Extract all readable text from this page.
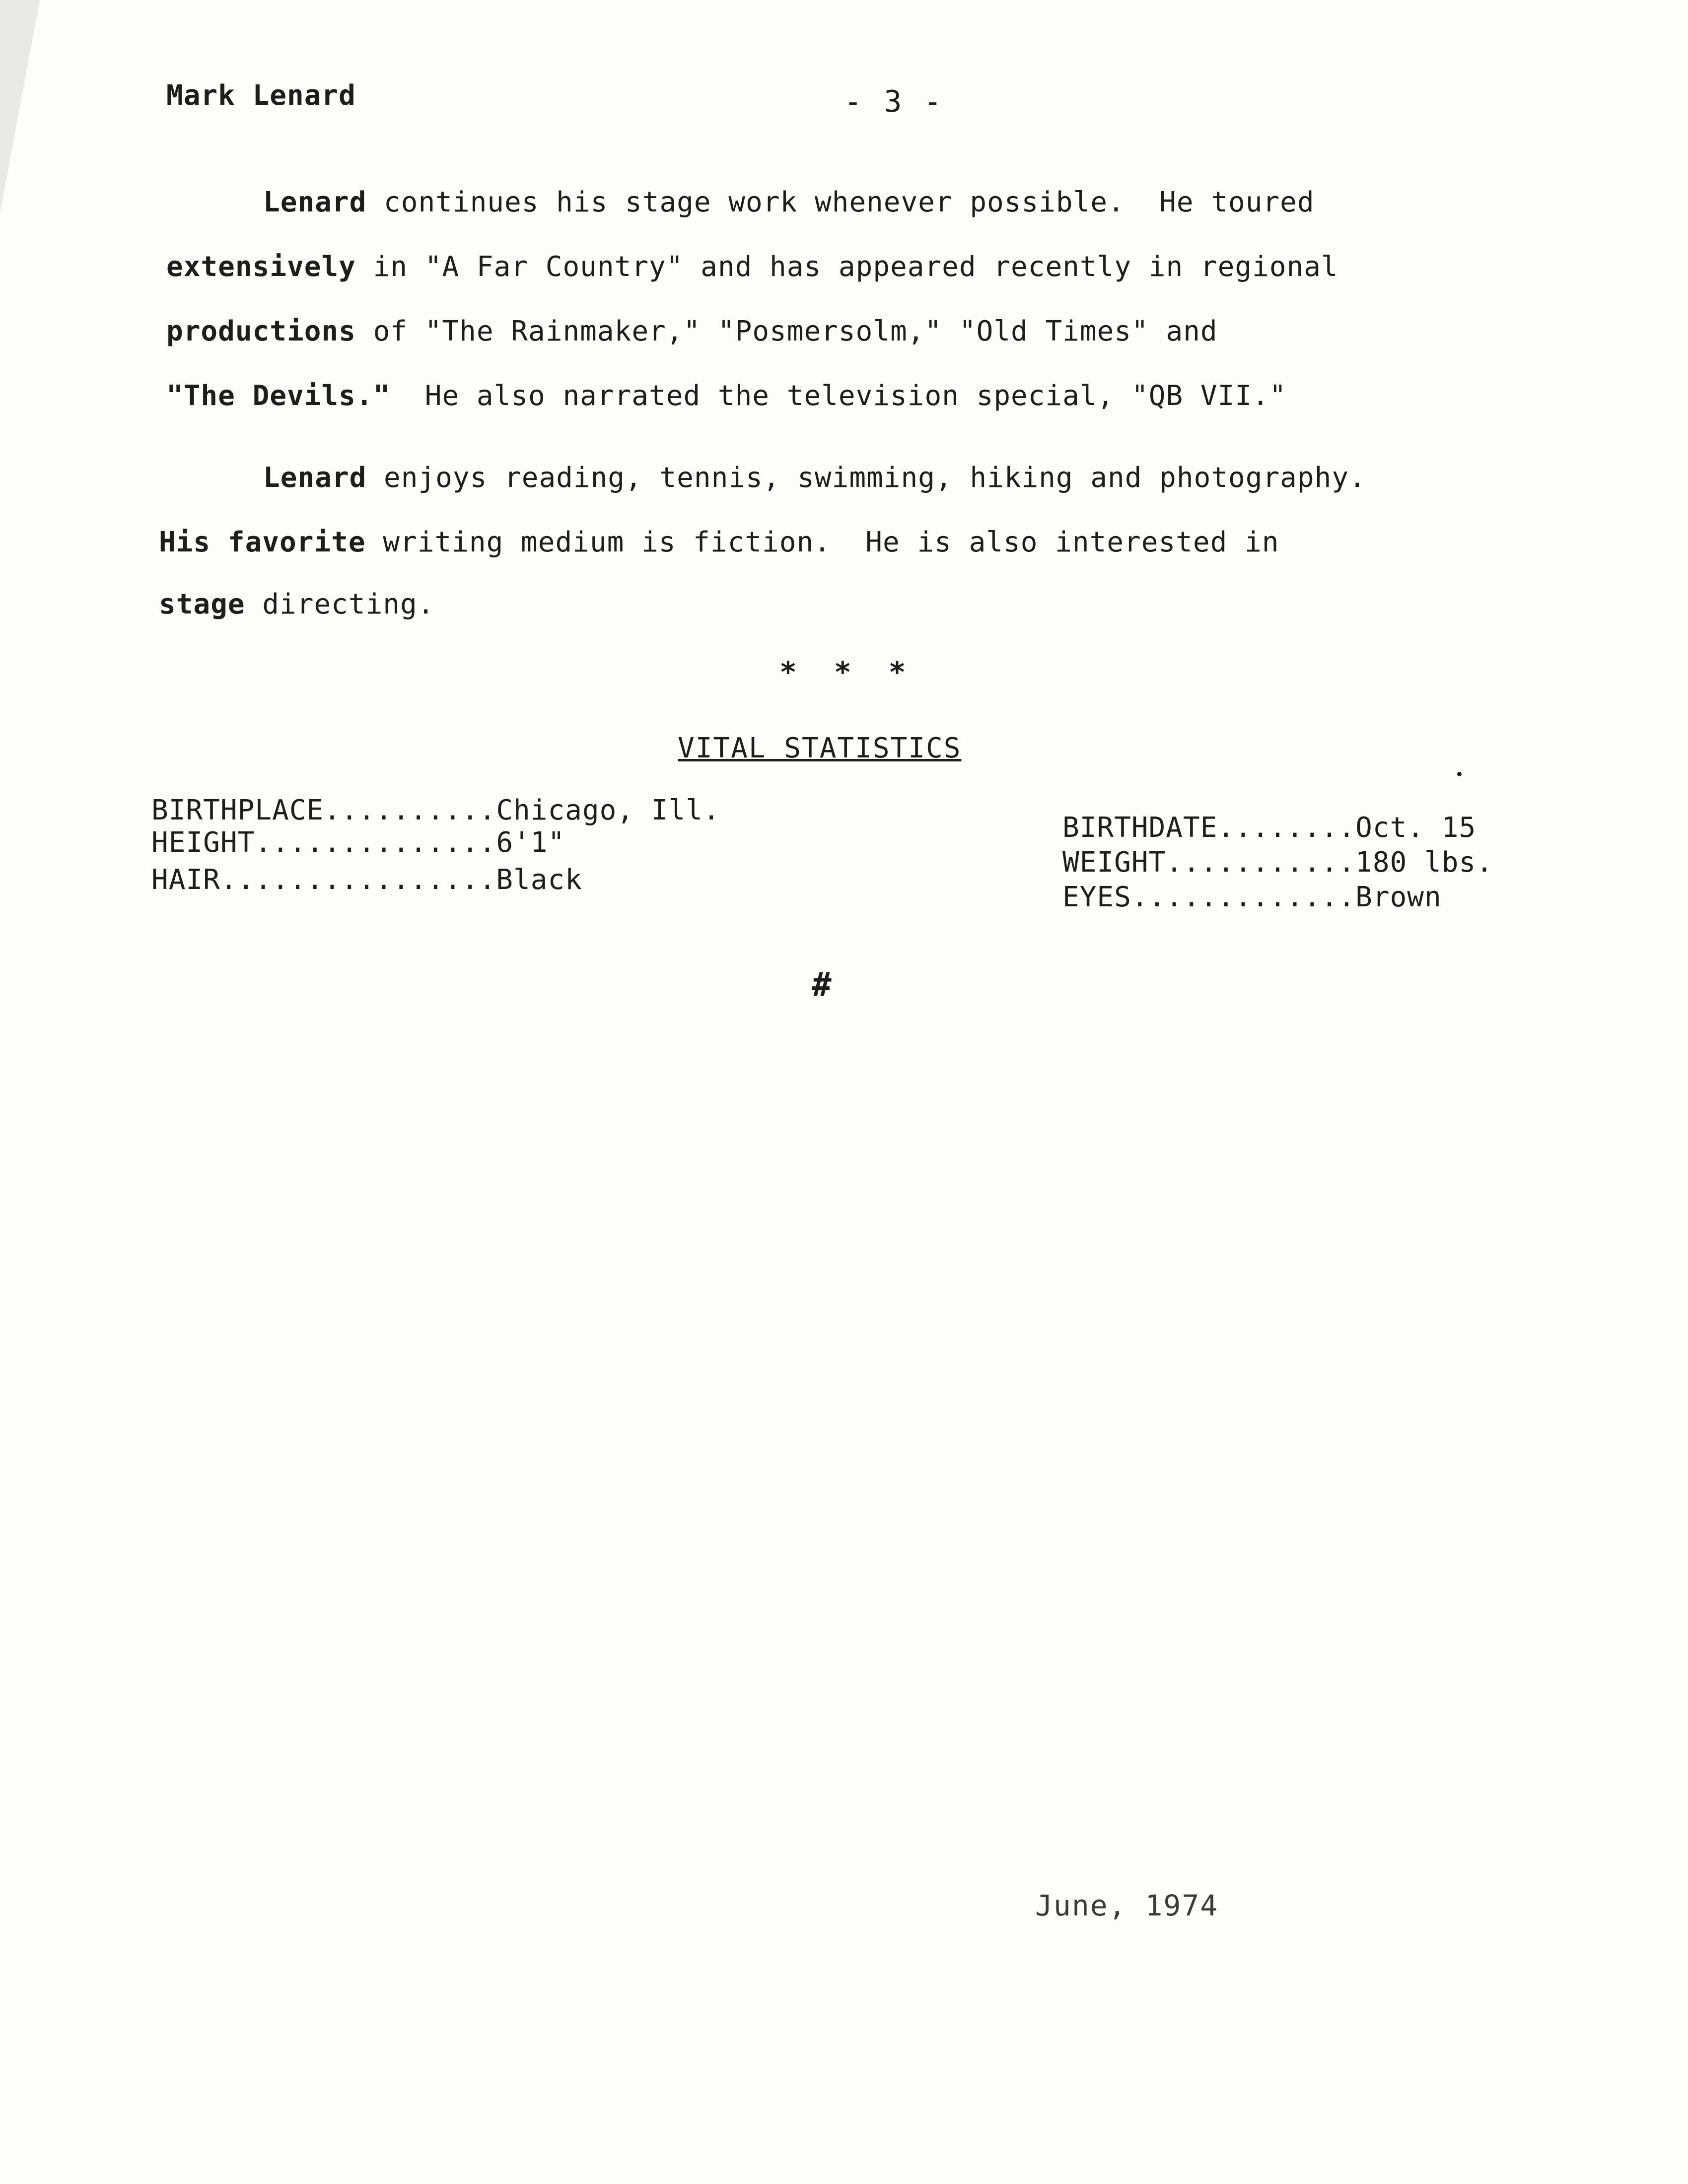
Mark Lenard	- 3 -
Lenard continues his stage work whenever possible.  He toured
extensively in "A Far Country" and has appeared recently in regional
productions of "The Rainmaker," "Posmersolm," "Old Times" and
"The Devils."  He also narrated the television special, "QB VII."
Lenard enjoys reading, tennis, swimming, hiking and photography.
His favorite writing medium is fiction.  He is also interested in
stage directing.
* * *
VITAL STATISTICS
BIRTHPLACE..........Chicago, Ill.
HEIGHT..............6'1"
HAIR................Black
BIRTHDATE........Oct. 15
WEIGHT...........180 lbs.
EYES.............Brown
#
June, 1974
